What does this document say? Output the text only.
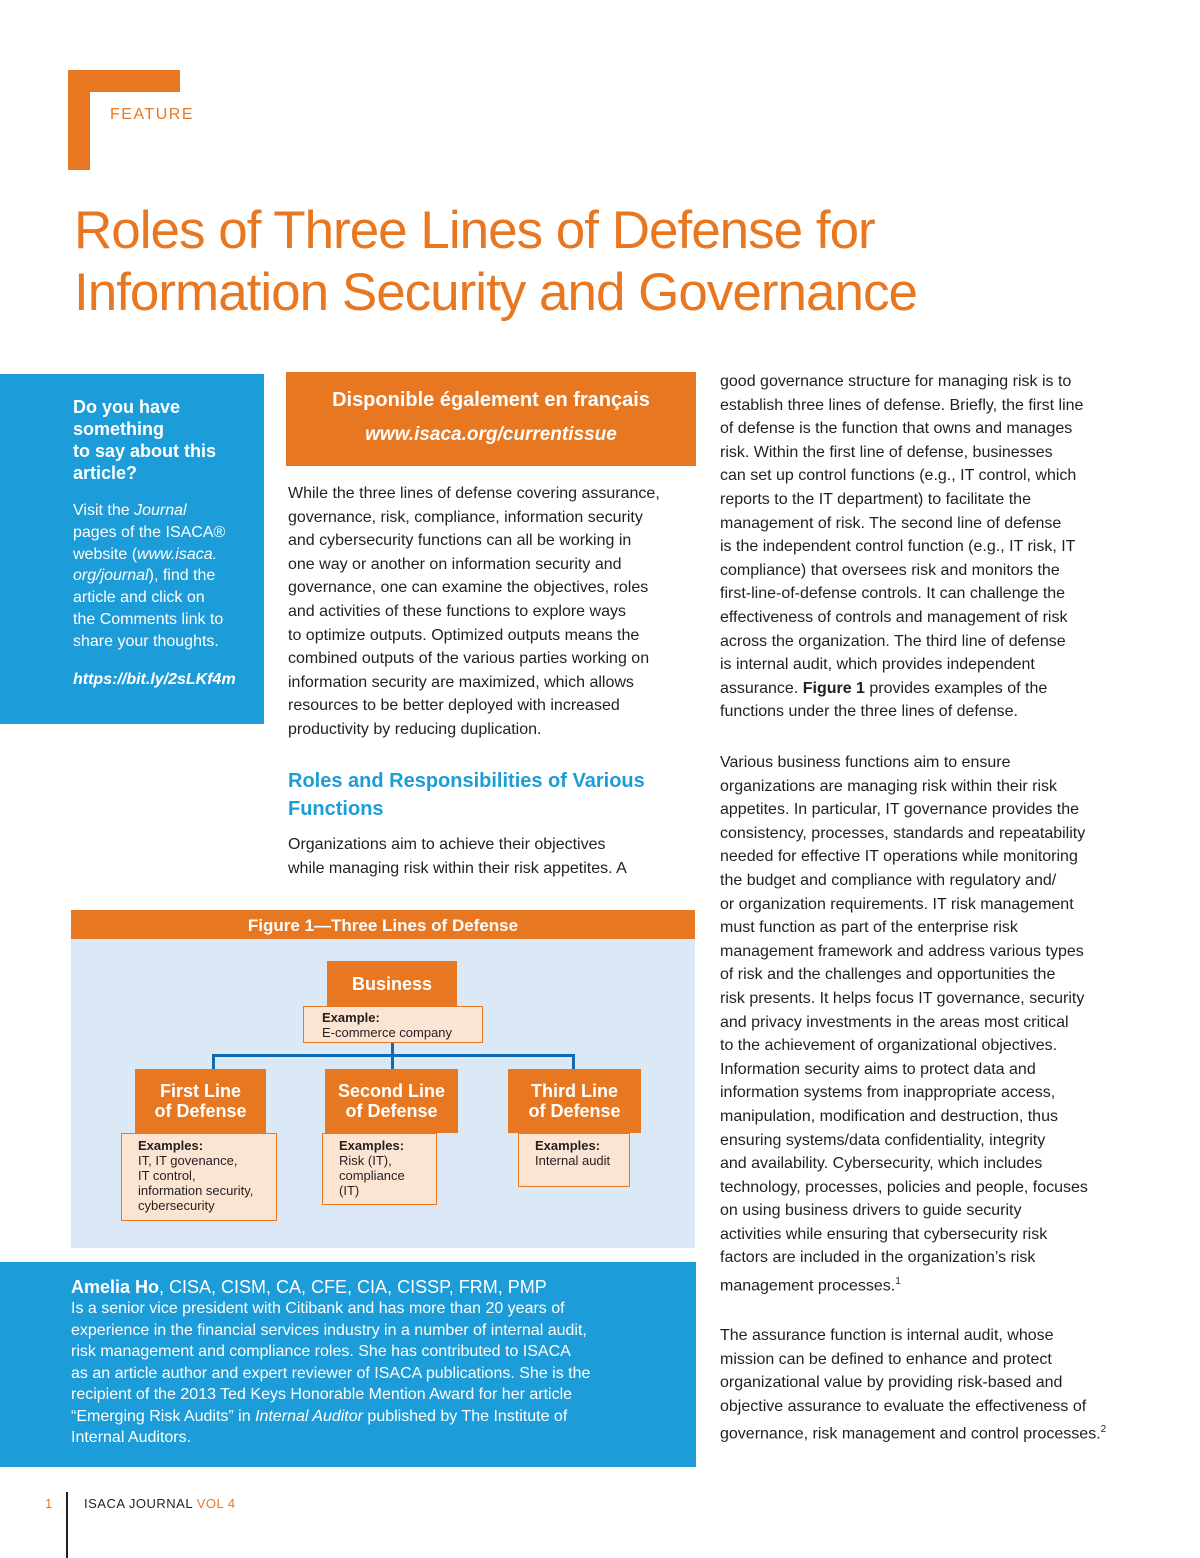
FEATURE
Roles of Three Lines of Defense for
Information Security and Governance
Do you have
something
to say about this
article?
Visit the Journal
pages of the ISACA®
website (www.isaca.
org/journal), find the
article and click on
the Comments link to
share your thoughts.
https://bit.ly/2sLKf4m
Disponible également en français
www.isaca.org/currentissue
While the three lines of defense covering assurance,
governance, risk, compliance, information security
and cybersecurity functions can all be working in
one way or another on information security and
governance, one can examine the objectives, roles
and activities of these functions to explore ways
to optimize outputs. Optimized outputs means the
combined outputs of the various parties working on
information security are maximized, which allows
resources to be better deployed with increased
productivity by reducing duplication.
Roles and Responsibilities of Various
Functions
Organizations aim to achieve their objectives
while managing risk within their risk appetites. A
good governance structure for managing risk is to
establish three lines of defense. Briefly, the first line
of defense is the function that owns and manages
risk. Within the first line of defense, businesses
can set up control functions (e.g., IT control, which
reports to the IT department) to facilitate the
management of risk. The second line of defense
is the independent control function (e.g., IT risk, IT
compliance) that oversees risk and monitors the
first-line-of-defense controls. It can challenge the
effectiveness of controls and management of risk
across the organization. The third line of defense
is internal audit, which provides independent
assurance. Figure 1 provides examples of the
functions under the three lines of defense.
Various business functions aim to ensure
organizations are managing risk within their risk
appetites. In particular, IT governance provides the
consistency, processes, standards and repeatability
needed for effective IT operations while monitoring
the budget and compliance with regulatory and/
or organization requirements. IT risk management
must function as part of the enterprise risk
management framework and address various types
of risk and the challenges and opportunities the
risk presents. It helps focus IT governance, security
and privacy investments in the areas most critical
to the achievement of organizational objectives.
Information security aims to protect data and
information systems from inappropriate access,
manipulation, modification and destruction, thus
ensuring systems/data confidentiality, integrity
and availability. Cybersecurity, which includes
technology, processes, policies and people, focuses
on using business drivers to guide security
activities while ensuring that cybersecurity risk
factors are included in the organization’s risk
management processes.$^1$
The assurance function is internal audit, whose
mission can be defined to enhance and protect
organizational value by providing risk-based and
objective assurance to evaluate the effectiveness of
governance, risk management and control processes.$^2$
Figure 1—Three Lines of Defense
Business
Example:
E-commerce company
First Line
of Defense
Examples:
IT, IT govenance,
IT control,
information security,
cybersecurity
Second Line
of Defense
Examples:
Risk (IT),
compliance (IT)
Third Line
of Defense
Examples:
Internal audit
Amelia Ho, CISA, CISM, CA, CFE, CIA, CISSP, FRM, PMP
Is a senior vice president with Citibank and has more than 20 years of
experience in the financial services industry in a number of internal audit,
risk management and compliance roles. She has contributed to ISACA
as an article author and expert reviewer of ISACA publications. She is the
recipient of the 2013 Ted Keys Honorable Mention Award for her article
“Emerging Risk Audits” in Internal Auditor published by The Institute of
Internal Auditors.
1 ISACA JOURNAL VOL 4
